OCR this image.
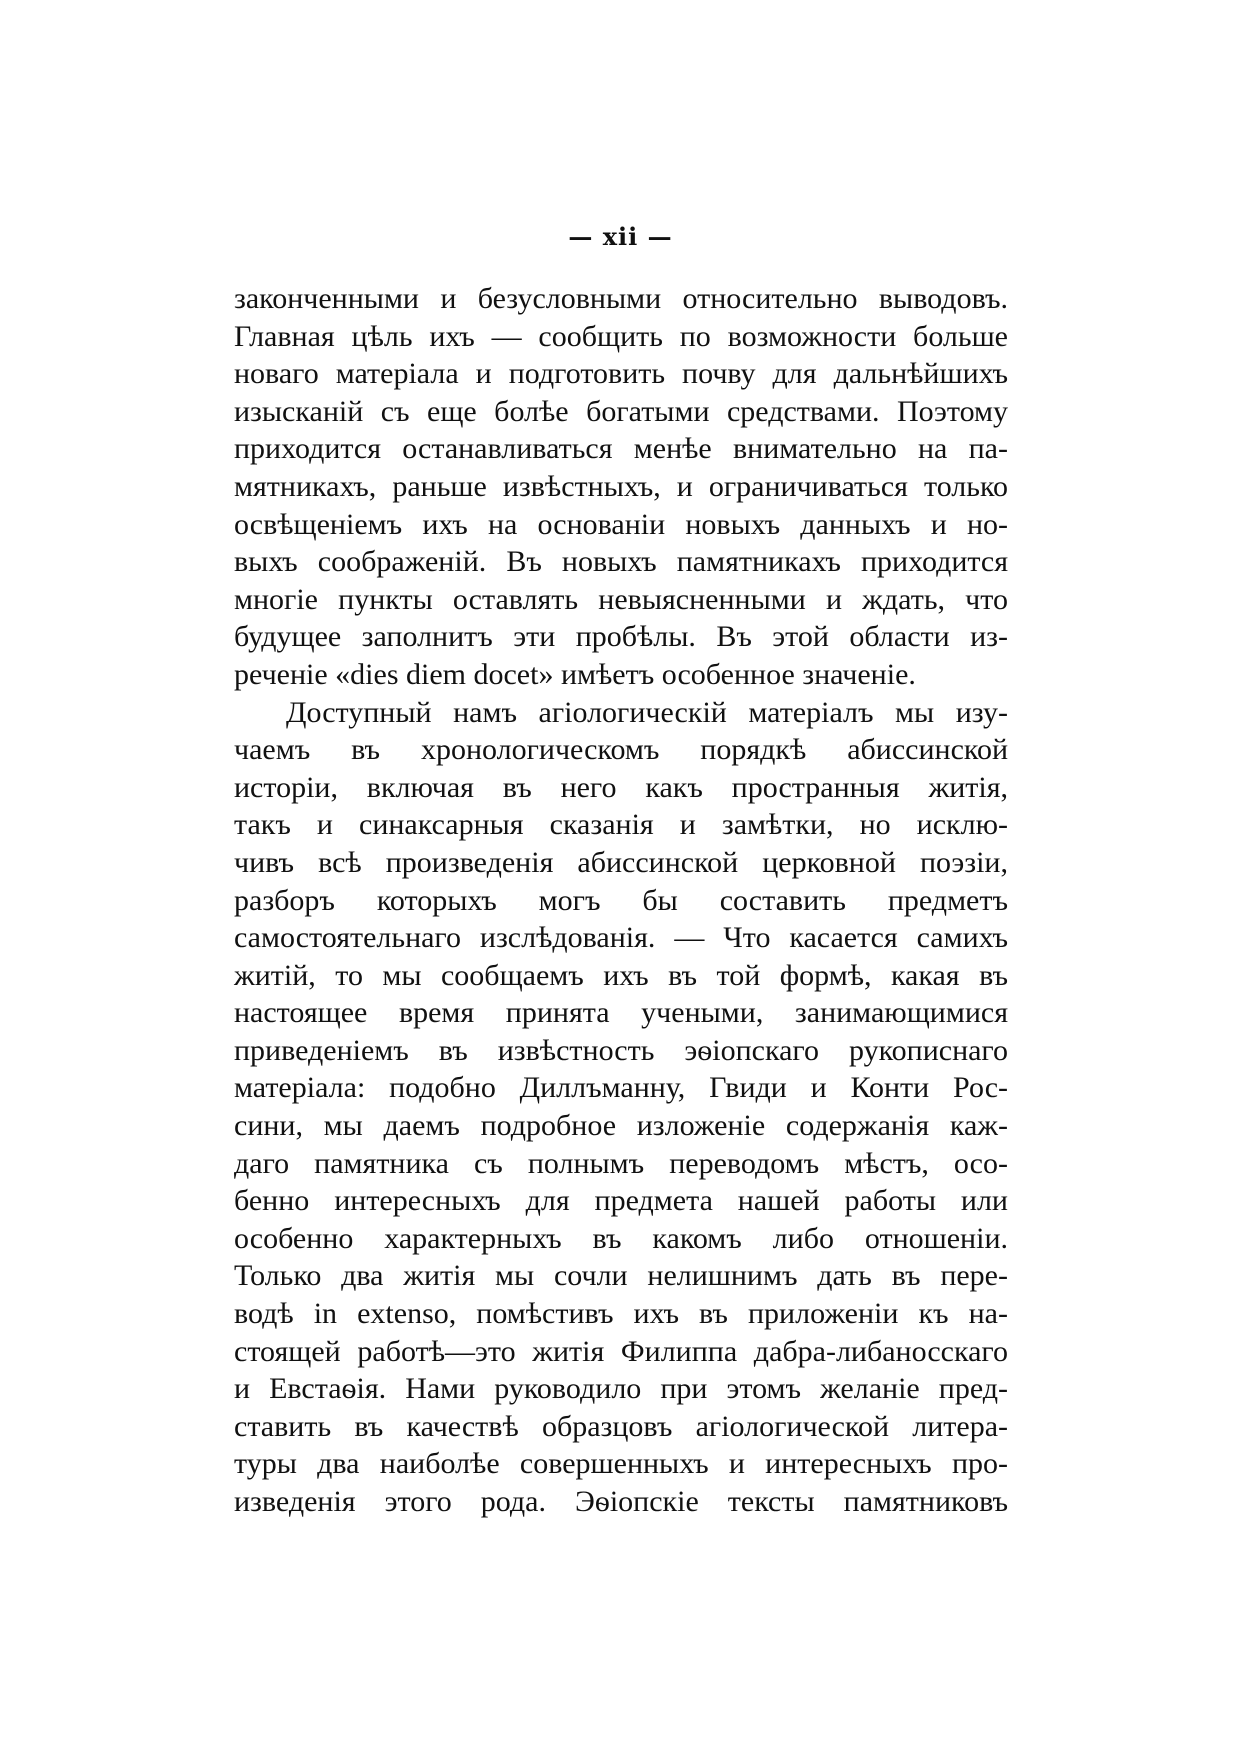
— xii —
законченными и безусловными относительно выводовъ.
Главная цѣль ихъ — сообщить по возможности больше
новаго матеріала и подготовить почву для дальнѣйшихъ
изысканій съ еще болѣе богатыми средствами. Поэтому
приходится останавливаться менѣе внимательно на па-
мятникахъ, раньше извѣстныхъ, и ограничиваться только
освѣщеніемъ ихъ на основаніи новыхъ данныхъ и но-
выхъ соображеній. Въ новыхъ памятникахъ приходится
многіе пункты оставлять невыясненными и ждать, что
будущее заполнитъ эти пробѣлы. Въ этой области из-
реченіе «dies diem docet» имѣетъ особенное значеніе.
Доступный намъ агіологическій матеріалъ мы изу-
чаемъ въ хронологическомъ порядкѣ абиссинской
исторіи, включая въ него какъ пространныя житія,
такъ и синаксарныя сказанія и замѣтки, но исклю-
чивъ всѣ произведенія абиссинской церковной поэзіи,
разборъ которыхъ могъ бы составить предметъ
самостоятельнаго изслѣдованія. — Что касается самихъ
житій, то мы сообщаемъ ихъ въ той формѣ, какая въ
настоящее время принята учеными, занимающимися
приведеніемъ въ извѣстность эѳіопскаго рукописнаго
матеріала: подобно Диллъманну, Гвиди и Конти Рос-
сини, мы даемъ подробное изложеніе содержанія каж-
даго памятника съ полнымъ переводомъ мѣстъ, осо-
бенно интересныхъ для предмета нашей работы или
особенно характерныхъ въ какомъ либо отношеніи.
Только два житія мы сочли нелишнимъ дать въ пере-
водѣ in extenso, помѣстивъ ихъ въ приложеніи къ на-
стоящей работѣ—это житія Филиппа дабра-либаносскаго
и Евстаѳія. Нами руководило при этомъ желаніе пред-
ставить въ качествѣ образцовъ агіологической литера-
туры два наиболѣе совершенныхъ и интересныхъ про-
изведенія этого рода. Эѳіопскіе тексты памятниковъ
